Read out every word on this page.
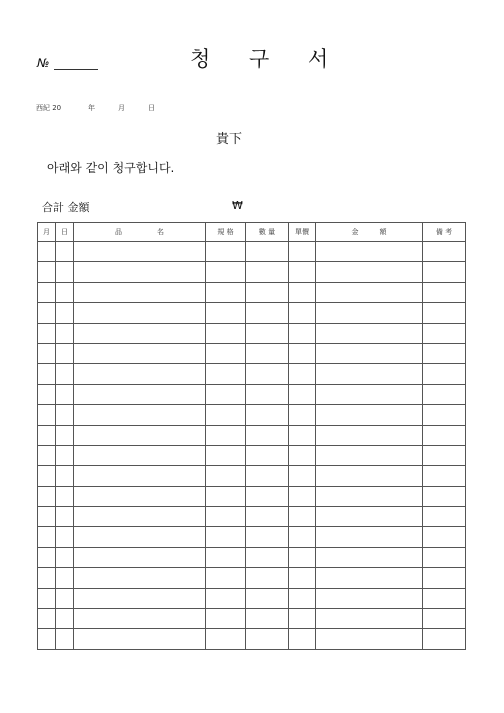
№	청 구 서
西紀 20	年	月	日
貴下
아래와 같이 청구합니다.
合計 金額	₩
月	日	品　　　　　名	規 格	數 量	單價	金　　　額	備 考
